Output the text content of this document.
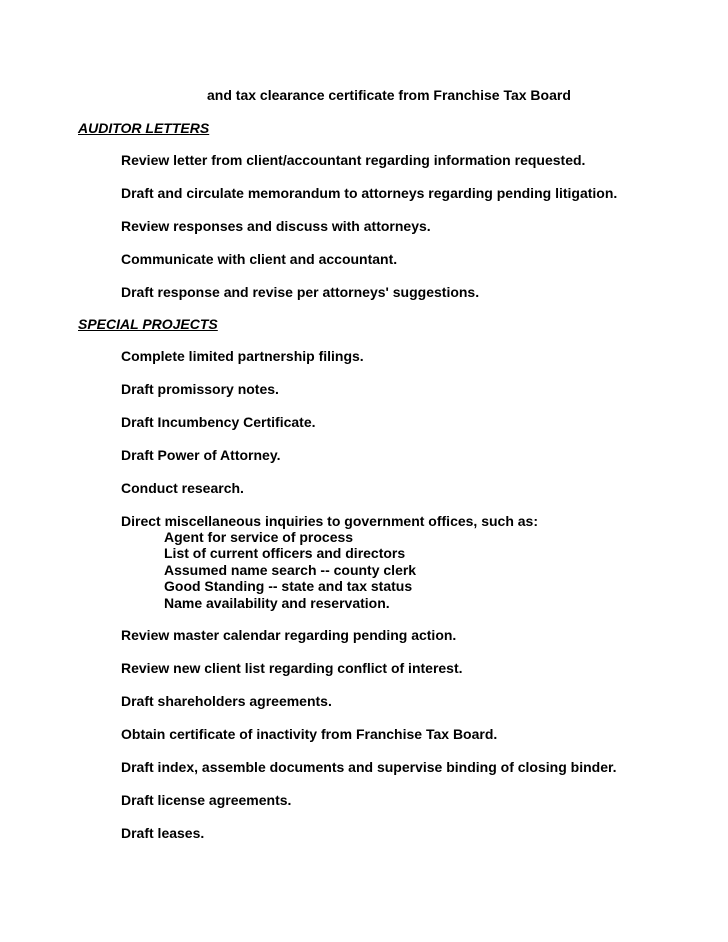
and tax clearance certificate from Franchise Tax Board
AUDITOR LETTERS
Review letter from client/accountant regarding information requested.
Draft and circulate memorandum to attorneys regarding pending litigation.
Review responses and discuss with attorneys.
Communicate with client and accountant.
Draft response and revise per attorneys' suggestions.
SPECIAL PROJECTS
Complete limited partnership filings.
Draft promissory notes.
Draft Incumbency Certificate.
Draft Power of Attorney.
Conduct research.
Direct miscellaneous inquiries to government offices, such as:
Agent for service of process
List of current officers and directors
Assumed name search -- county clerk
Good Standing -- state and tax status
Name availability and reservation.
Review master calendar regarding pending action.
Review new client list regarding conflict of interest.
Draft shareholders agreements.
Obtain certificate of inactivity from Franchise Tax Board.
Draft index, assemble documents and supervise binding of closing binder.
Draft license agreements.
Draft leases.
